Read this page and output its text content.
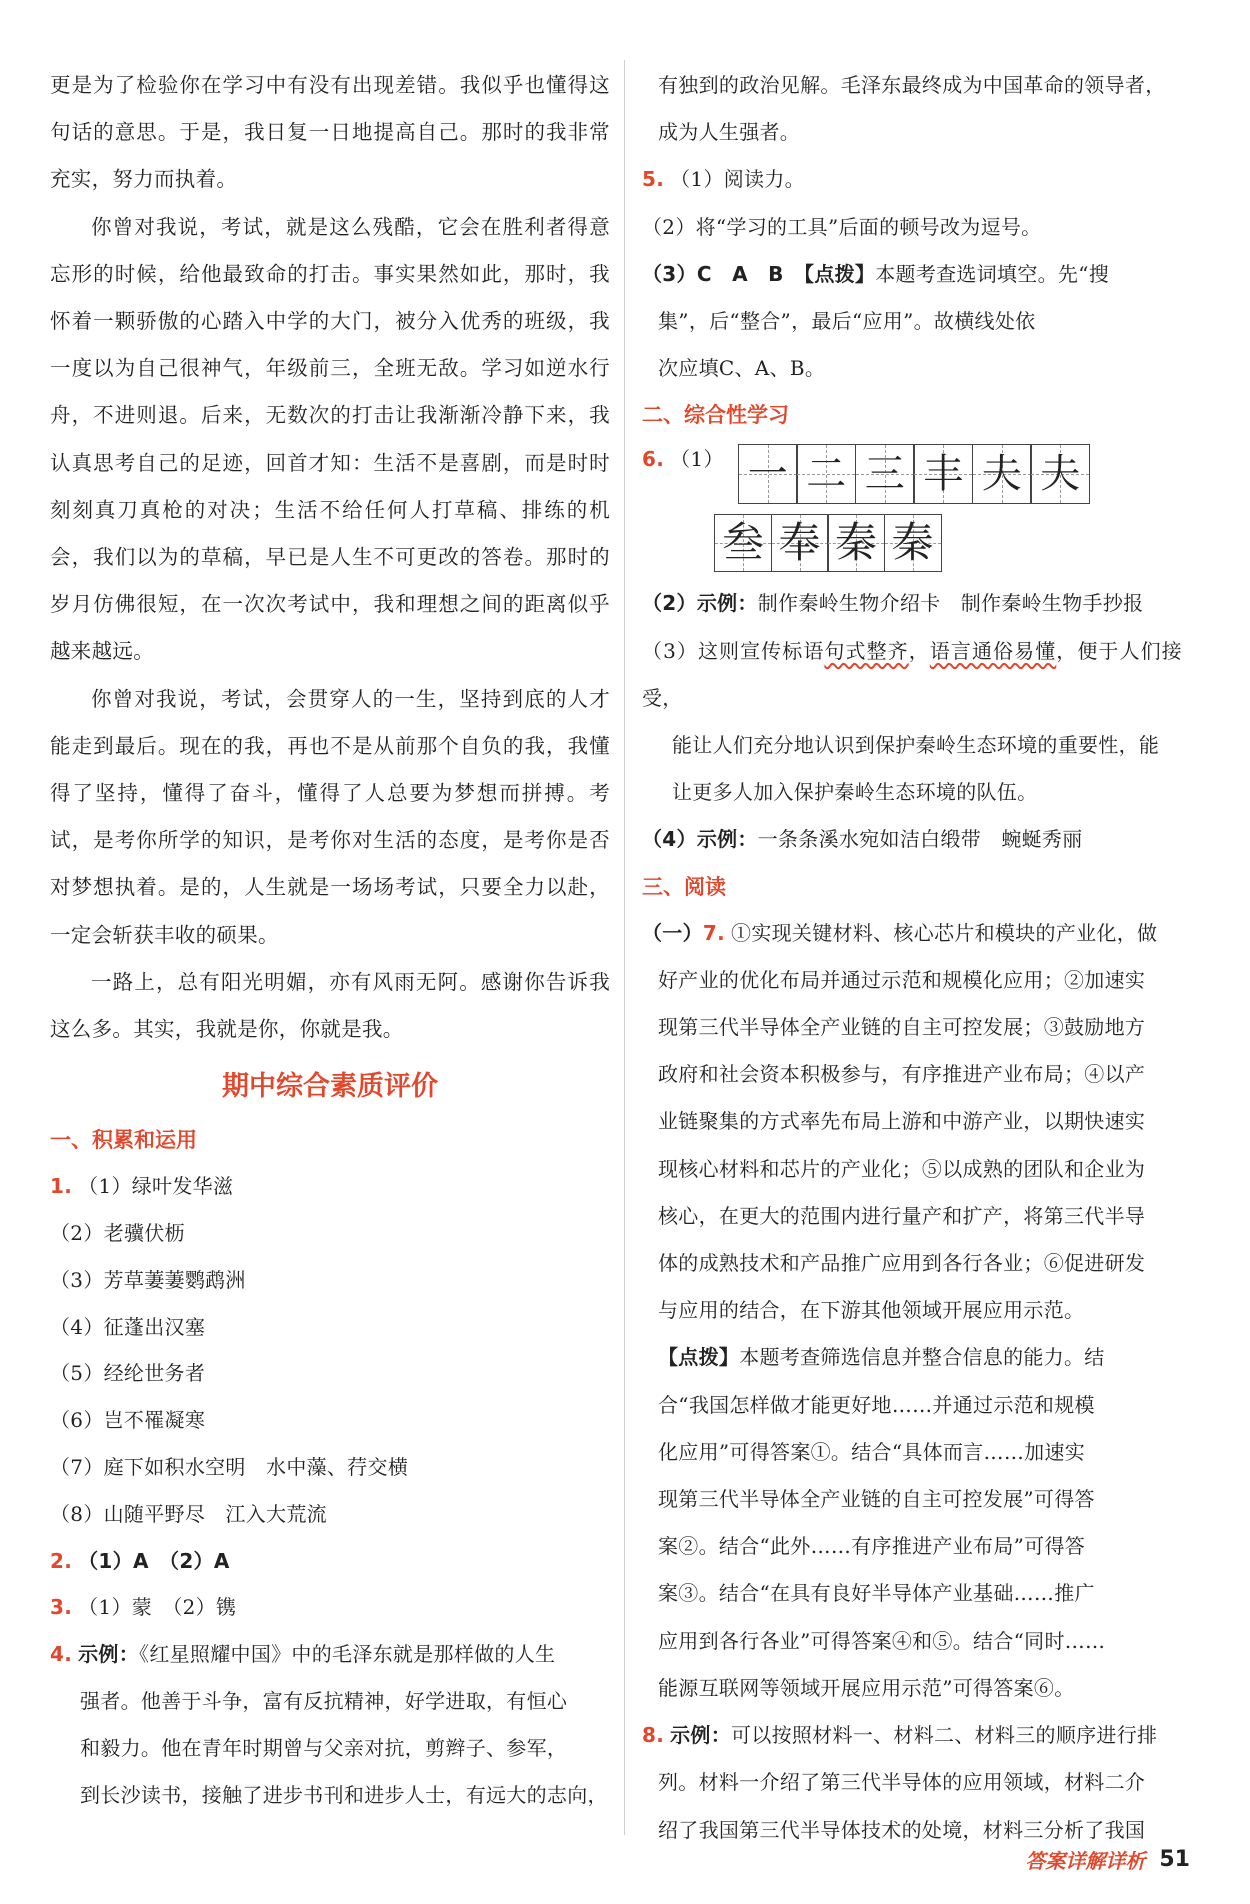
更是为了检验你在学习中有没有出现差错。我似乎也懂得这句话的意思。于是，我日复一日地提高自己。那时的我非常充实，努力而执着。

你曾对我说，考试，就是这么残酷，它会在胜利者得意忘形的时候，给他最致命的打击。事实果然如此，那时，我怀着一颗骄傲的心踏入中学的大门，被分入优秀的班级，我一度以为自己很神气，年级前三，全班无敌。学习如逆水行舟，不进则退。后来，无数次的打击让我渐渐冷静下来，我认真思考自己的足迹，回首才知：生活不是喜剧，而是时时刻刻真刀真枪的对决；生活不给任何人打草稿、排练的机会，我们以为的草稿，早已是人生不可更改的答卷。那时的岁月仿佛很短，在一次次考试中，我和理想之间的距离似乎越来越远。

你曾对我说，考试，会贯穿人的一生，坚持到底的人才能走到最后。现在的我，再也不是从前那个自负的我，我懂得了坚持，懂得了奋斗，懂得了人总要为梦想而拼搏。考试，是考你所学的知识，是考你对生活的态度，是考你是否对梦想执着。是的，人生就是一场场考试，只要全力以赴，一定会斩获丰收的硕果。

一路上，总有阳光明媚，亦有风雨无阿。感谢你告诉我这么多。其实，我就是你，你就是我。

期中综合素质评价
一、积累和运用
1. （1）绿叶发华滋
（2）老骥伏枥
（3）芳草萋萋鹦鹉洲
（4）征蓬出汉塞
（5）经纶世务者
（6）岂不罹凝寒
（7）庭下如积水空明　水中藻、荇交横
（8）山随平野尽　江入大荒流
2. （1）A　（2）A
3. （1）蒙　（2）镌
4. 示例：《红星照耀中国》中的毛泽东就是那样做的人生
强者。他善于斗争，富有反抗精神，好学进取，有恒心
和毅力。他在青年时期曾与父亲对抗，剪辫子、参军，
到长沙读书，接触了进步书刊和进步人士，有远大的志向，

有独到的政治见解。毛泽东最终成为中国革命的领导者，

成为人生强者。

5. （1）阅读力。

（2）将“学习的工具”后面的顿号改为逗号。

（3）C　A　B　 【点拨】本题考查选词填空。先“搜

集”，后“整合”，最后“应用”。故横线处依

次应填C、A、B。

二、综合性学习
6. （1） 一 二 三 丰 夫 夫
叁 奉 秦 秦

（2）示例：制作秦岭生物介绍卡　制作秦岭生物手抄报

（3）这则宣传标语句式整齐，语言通俗易懂，便于人们接受，

能让人们充分地认识到保护秦岭生态环境的重要性，能

让更多人加入保护秦岭生态环境的队伍。

（4）示例：一条条溪水宛如洁白缎带　蜿蜒秀丽

三、阅读

（一）7. ①实现关键材料、核心芯片和模块的产业化，做

好产业的优化布局并通过示范和规模化应用；②加速实

现第三代半导体全产业链的自主可控发展；③鼓励地方

政府和社会资本积极参与，有序推进产业布局；④以产

业链聚集的方式率先布局上游和中游产业，以期快速实

现核心材料和芯片的产业化；⑤以成熟的团队和企业为

核心，在更大的范围内进行量产和扩产，将第三代半导

体的成熟技术和产品推广应用到各行各业；⑥促进研发

与应用的结合，在下游其他领域开展应用示范。

【点拨】本题考查筛选信息并整合信息的能力。结

合“我国怎样做才能更好地……并通过示范和规模

化应用”可得答案①。结合“具体而言……加速实

现第三代半导体全产业链的自主可控发展”可得答

案②。结合“此外……有序推进产业布局”可得答

案③。结合“在具有良好半导体产业基础……推广

应用到各行各业”可得答案④和⑤。结合“同时……

能源互联网等领域开展应用示范”可得答案⑥。

8. 示例：可以按照材料一、材料二、材料三的顺序进行排

列。材料一介绍了第三代半导体的应用领域，材料二介

绍了我国第三代半导体技术的处境，材料三分析了我国

答案详解详析 51
